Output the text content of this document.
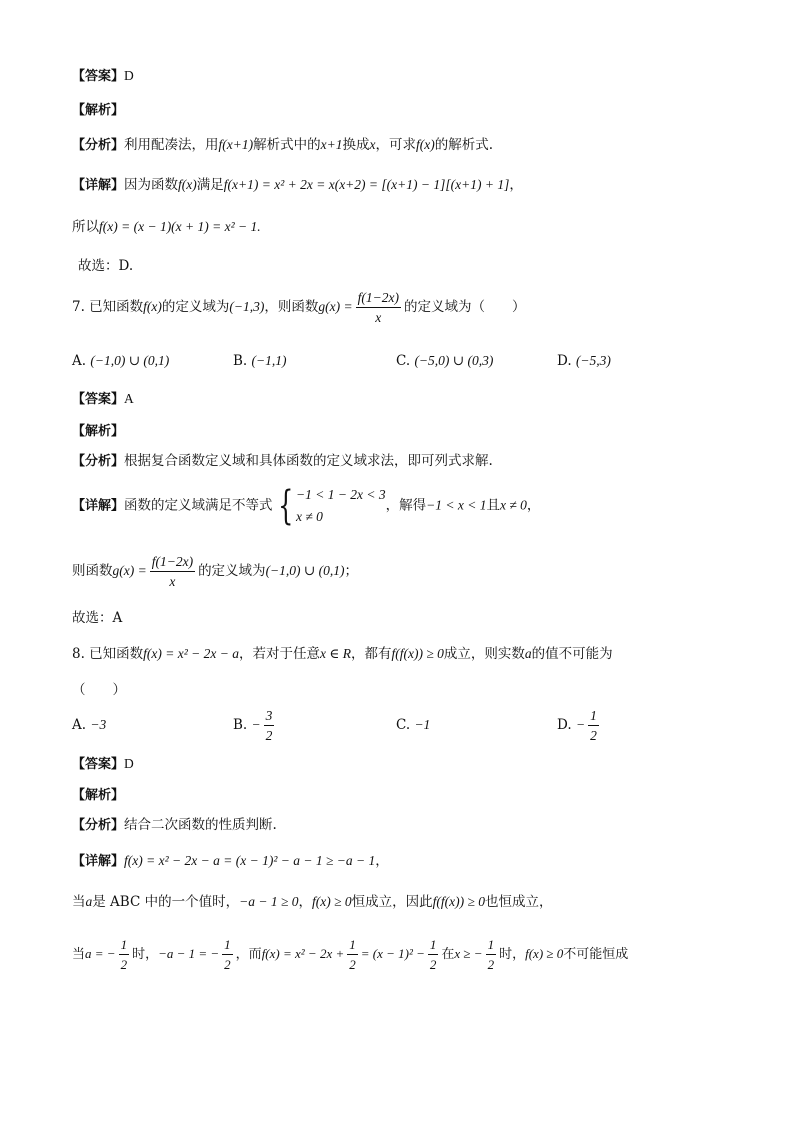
【答案】D
【解析】
【分析】利用配凑法，用f(x+1)解析式中的x+1换成x，可求f(x)的解析式.
【详解】因为函数f(x)满足f(x+1) = x² + 2x = x(x+2) = [(x+1) − 1][(x+1) + 1]，
所以f(x) = (x − 1)(x + 1) = x² − 1.
故选：D.
7. 已知函数f(x)的定义域为(−1,3)，则函数$g(x) = \frac{f(1-2x)}{x}$ 的定义域为（　　）
A. (−1,0) ∪ (0,1)	B. (−1,1)	C. (−5,0) ∪ (0,3)	D. (−5,3)
【答案】A
【解析】
【分析】根据复合函数定义域和具体函数的定义域求法，即可列式求解.
【详解】函数的定义域满足不等式 { −1 < 1 − 2x < 3
x ≠ 0
，解得−1 < x < 1且x ≠ 0，
则函数$g(x) = \frac{f(1-2x)}{x}$ 的定义域为(−1,0) ∪ (0,1)；
故选：A
8. 已知函数f(x) = x² − 2x − a，若对于任意x ∈ R，都有f(f(x)) ≥ 0成立，则实数a的值不可能为
（　　）
A. −3	B. − $\frac{3}{2}$	C. −1	D. − $\frac{1}{2}$
【答案】D
【解析】
【分析】结合二次函数的性质判断.
【详解】f(x) = x² − 2x − a = (x − 1)² − a − 1 ≥ −a − 1，
当a是 ABC 中的一个值时，−a − 1 ≥ 0，f(x) ≥ 0恒成立，因此f(f(x)) ≥ 0也恒成立，
当a = − $\frac{1}{2}$ 时，−a − 1 = − $\frac{1}{2}$ ，而$f(x) = x^2 - 2x + \frac{1}{2} = (x - 1)^2 - \frac{1}{2}$ 在x ≥ − $\frac{1}{2}$ 时，f(x) ≥ 0不可能恒成
